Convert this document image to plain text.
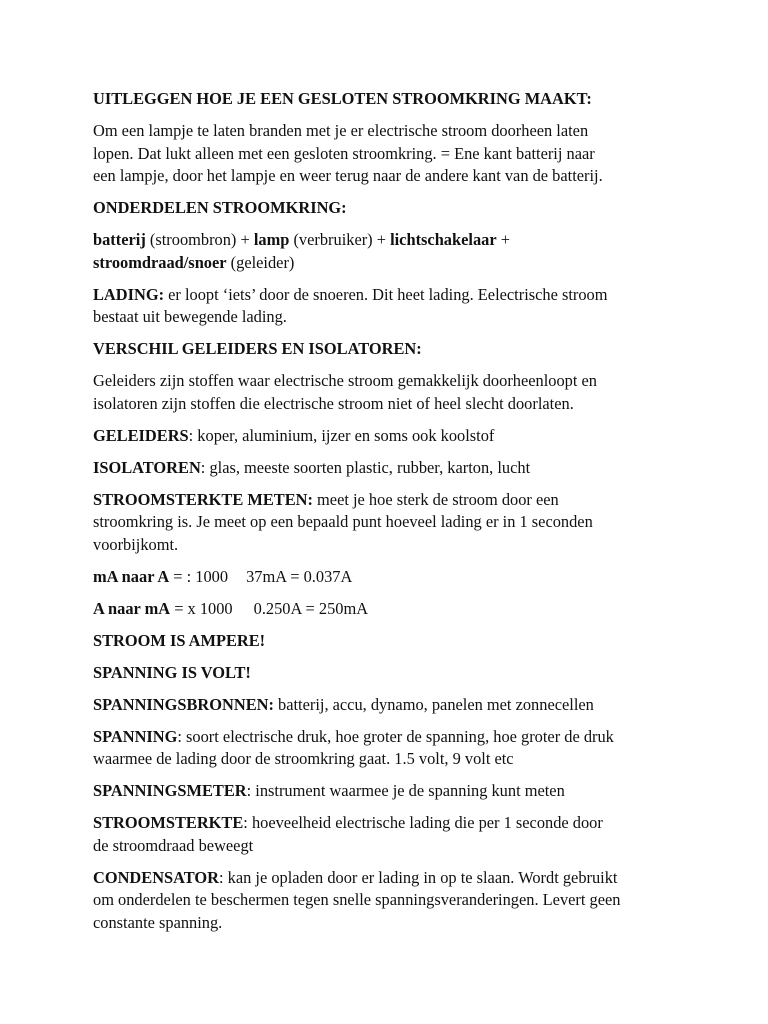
UITLEGGEN HOE JE EEN GESLOTEN STROOMKRING MAAKT:

Om een lampje te laten branden met je er electrische stroom doorheen laten
lopen. Dat lukt alleen met een gesloten stroomkring. = Ene kant batterij naar
een lampje, door het lampje en weer terug naar de andere kant van de batterij.

ONDERDELEN STROOMKRING:

batterij (stroombron) + lamp (verbruiker) + lichtschakelaar +
stroomdraad/snoer (geleider)

LADING: er loopt ‘iets’ door de snoeren. Dit heet lading. Eelectrische stroom
bestaat uit bewegende lading.

VERSCHIL GELEIDERS EN ISOLATOREN:

Geleiders zijn stoffen waar electrische stroom gemakkelijk doorheenloopt en
isolatoren zijn stoffen die electrische stroom niet of heel slecht doorlaten.

GELEIDERS: koper, aluminium, ijzer en soms ook koolstof

ISOLATOREN: glas, meeste soorten plastic, rubber, karton, lucht

STROOMSTERKTE METEN: meet je hoe sterk de stroom door een
stroomkring is. Je meet op een bepaald punt hoeveel lading er in 1 seconden
voorbijkomt.

mA naar A = : 1000 37mA = 0.037A

A naar mA = x 1000 0.250A = 250mA

STROOM IS AMPERE!

SPANNING IS VOLT!

SPANNINGSBRONNEN: batterij, accu, dynamo, panelen met zonnecellen

SPANNING: soort electrische druk, hoe groter de spanning, hoe groter de druk
waarmee de lading door de stroomkring gaat. 1.5 volt, 9 volt etc

SPANNINGSMETER: instrument waarmee je de spanning kunt meten

STROOMSTERKTE: hoeveelheid electrische lading die per 1 seconde door
de stroomdraad beweegt

CONDENSATOR: kan je opladen door er lading in op te slaan. Wordt gebruikt
om onderdelen te beschermen tegen snelle spanningsveranderingen. Levert geen
constante spanning.
